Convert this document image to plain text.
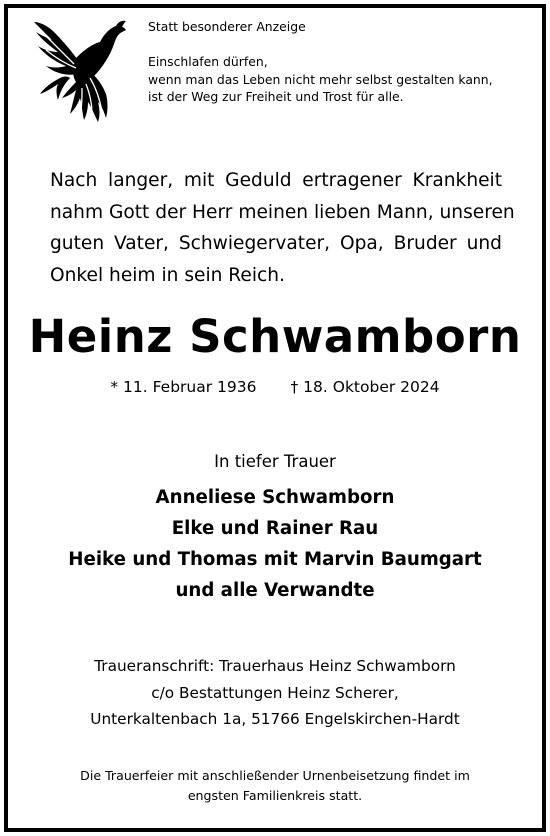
Statt besonderer Anzeige
Einschlafen dürfen,
wenn man das Leben nicht mehr selbst gestalten kann,
ist der Weg zur Freiheit und Trost für alle.
Nach langer, mit Geduld ertragener Krankheit
nahm Gott der Herr meinen lieben Mann, unseren
guten Vater, Schwiegervater, Opa, Bruder und
Onkel heim in sein Reich.
Heinz Schwamborn
* 11. Februar 1936 † 18. Oktober 2024
In tiefer Trauer
Anneliese Schwamborn
Elke und Rainer Rau
Heike und Thomas mit Marvin Baumgart
und alle Verwandte
Traueranschrift: Trauerhaus Heinz Schwamborn
c/o Bestattungen Heinz Scherer,
Unterkaltenbach 1a, 51766 Engelskirchen-Hardt
Die Trauerfeier mit anschließender Urnenbeisetzung findet im
engsten Familienkreis statt.
